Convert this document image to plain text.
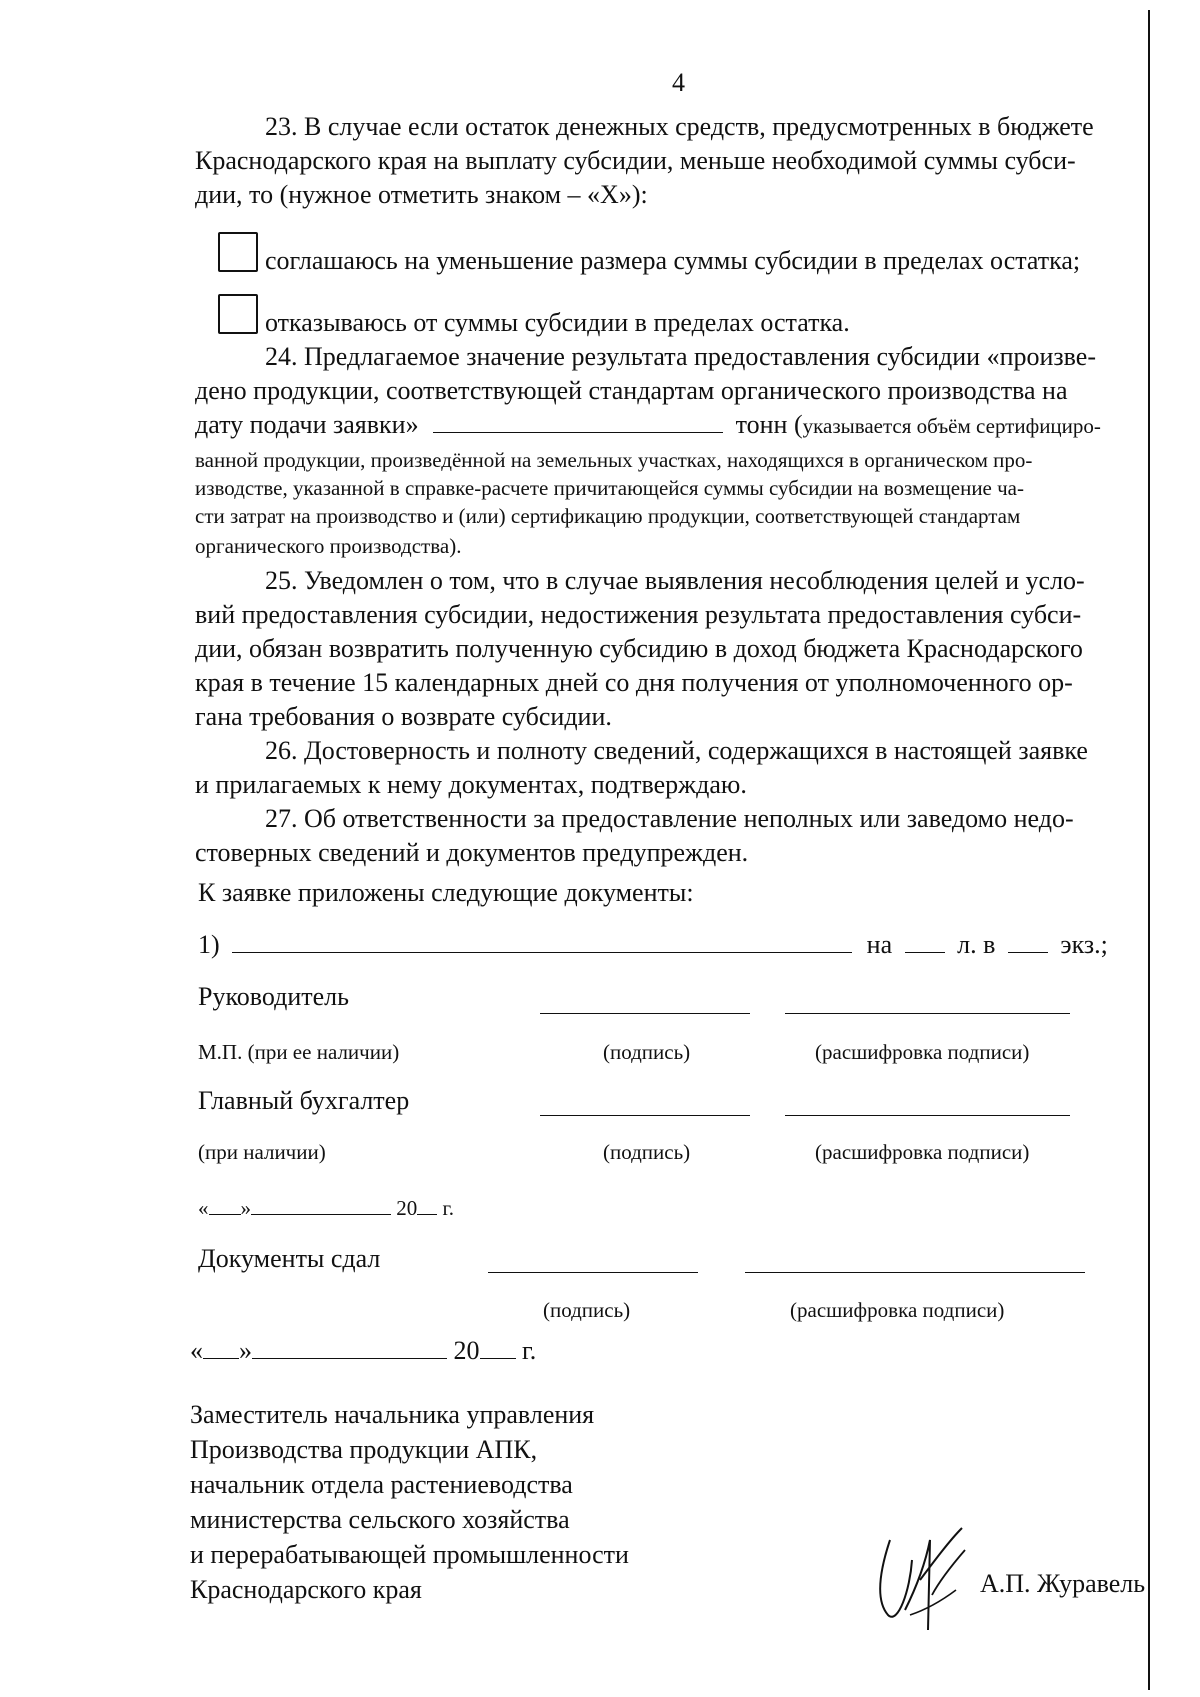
4
23. В случае если остаток денежных средств, предусмотренных в бюджете
Краснодарского края на выплату субсидии, меньше необходимой суммы субси-
дии, то (нужное отметить знаком – «X»):
соглашаюсь на уменьшение размера суммы субсидии в пределах остатка;
отказываюсь от суммы субсидии в пределах остатка.
24. Предлагаемое значение результата предоставления субсидии «произве-
дено продукции, соответствующей стандартам органического производства на
дату подачи заявки»	тонн (указывается объём сертифициро-
ванной продукции, произведённой на земельных участках, находящихся в органическом про-
изводстве, указанной в справке-расчете причитающейся суммы субсидии на возмещение ча-
сти затрат на производство и (или) сертификацию продукции, соответствующей стандартам
органического производства).
25. Уведомлен о том, что в случае выявления несоблюдения целей и усло-
вий предоставления субсидии, недостижения результата предоставления субси-
дии, обязан возвратить полученную субсидию в доход бюджета Краснодарского
края в течение 15 календарных дней со дня получения от уполномоченного ор-
гана требования о возврате субсидии.
26. Достоверность и полноту сведений, содержащихся в настоящей заявке
и прилагаемых к нему документах, подтверждаю.
27. Об ответственности за предоставление неполных или заведомо недо-
стоверных сведений и документов предупрежден.
К заявке приложены следующие документы:
1)	на	л. в	экз.;
Руководитель
М.П. (при ее наличии)	(подпись)	(расшифровка подписи)
Главный бухгалтер
(при наличии)	(подпись)	(расшифровка подписи)
« »	20 г.
Документы сдал
(подпись)	(расшифровка подписи)
« »	20 г.
Заместитель начальника управления
Производства продукции АПК,
начальник отдела растениеводства
министерства сельского хозяйства
и перерабатывающей промышленности
Краснодарского края	А.П. Журавель
